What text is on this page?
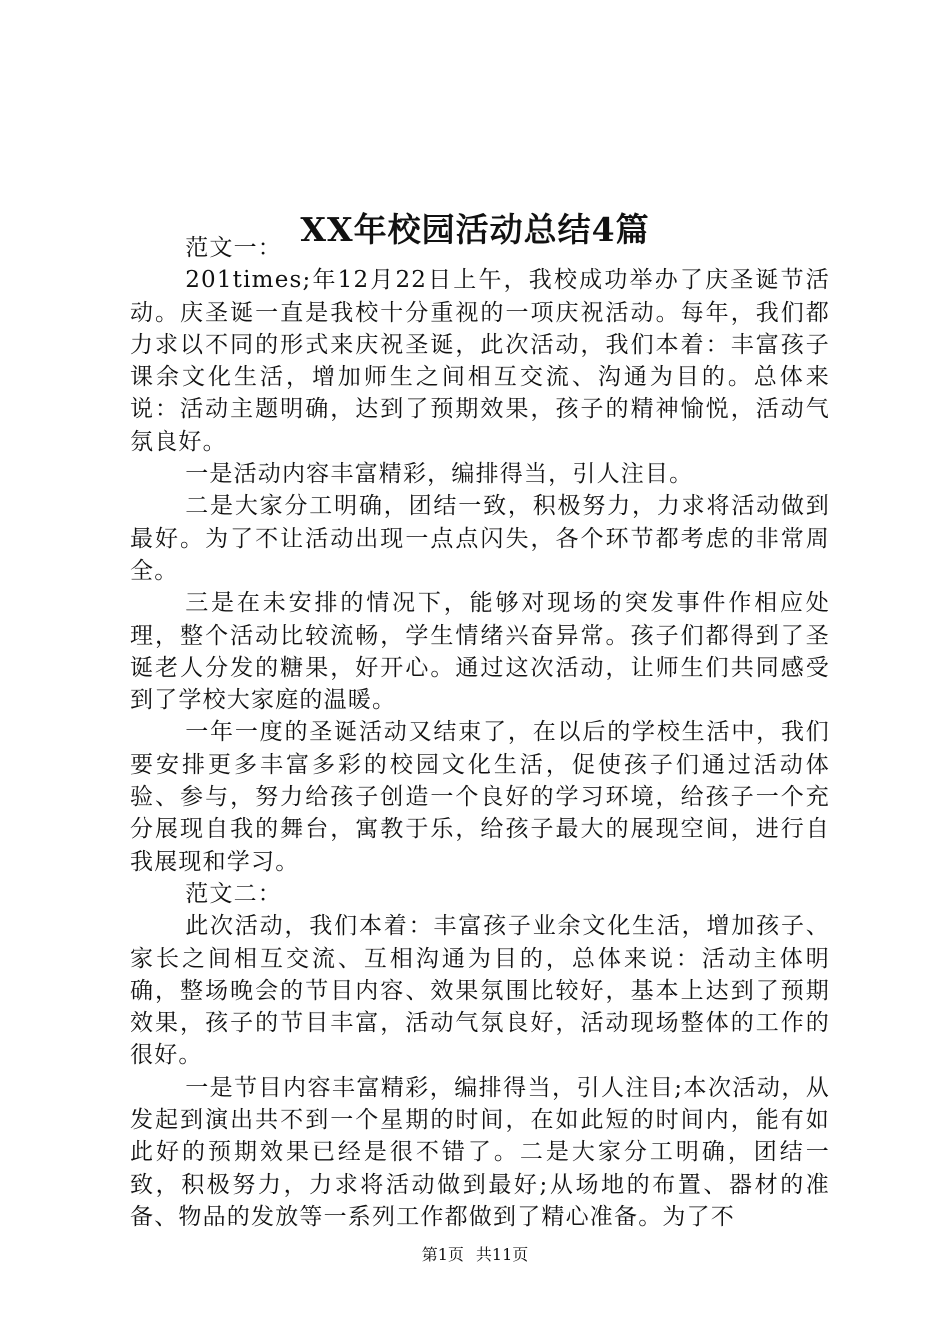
XX年校园活动总结4篇

范文一：

201times;年12月22日上午，我校成功举办了庆圣诞节活动。庆圣诞一直是我校十分重视的一项庆祝活动。每年，我们都力求以不同的形式来庆祝圣诞，此次活动，我们本着：丰富孩子课余文化生活，增加师生之间相互交流、沟通为目的。总体来说：活动主题明确，达到了预期效果，孩子的精神愉悦，活动气氛良好。

一是活动内容丰富精彩，编排得当，引人注目。

二是大家分工明确，团结一致，积极努力，力求将活动做到最好。为了不让活动出现一点点闪失，各个环节都考虑的非常周全。

三是在未安排的情况下，能够对现场的突发事件作相应处理，整个活动比较流畅，学生情绪兴奋异常。孩子们都得到了圣诞老人分发的糖果，好开心。通过这次活动，让师生们共同感受到了学校大家庭的温暖。

一年一度的圣诞活动又结束了，在以后的学校生活中，我们要安排更多丰富多彩的校园文化生活，促使孩子们通过活动体验、参与，努力给孩子创造一个良好的学习环境，给孩子一个充分展现自我的舞台，寓教于乐，给孩子最大的展现空间，进行自我展现和学习。

范文二：

此次活动，我们本着：丰富孩子业余文化生活，增加孩子、家长之间相互交流、互相沟通为目的，总体来说：活动主体明确，整场晚会的节目内容、效果氛围比较好，基本上达到了预期效果，孩子的节目丰富，活动气氛良好，活动现场整体的工作的很好。

一是节目内容丰富精彩，编排得当，引人注目;本次活动，从发起到演出共不到一个星期的时间，在如此短的时间内，能有如此好的预期效果已经是很不错了。二是大家分工明确，团结一致，积极努力，力求将活动做到最好;从场地的布置、器材的准备、物品的发放等一系列工作都做到了精心准备。为了不

第1页 共11页
